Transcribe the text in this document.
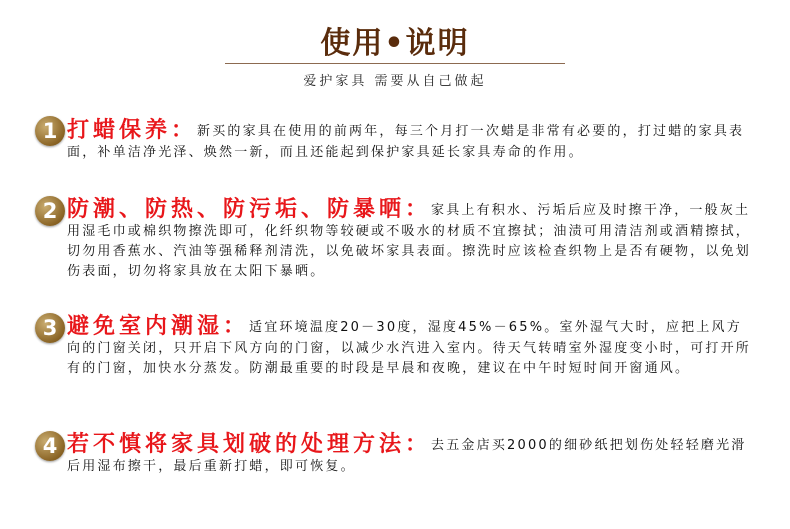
使用•说明
爱护家具 需要从自己做起
1 打蜡保养：新买的家具在使用的前两年，每三个月打一次蜡是非常有必要的，打过蜡的家具表面，补单洁净光泽、焕然一新，而且还能起到保护家具延长家具寿命的作用。
2 防潮、防热、防污垢、防暴晒：家具上有积水、污垢后应及时擦干净，一般灰土用湿毛巾或棉织物擦洗即可，化纤织物等较硬或不吸水的材质不宜擦拭；油渍可用清洁剂或酒精擦拭，切勿用香蕉水、汽油等强稀释剂清洗，以免破坏家具表面。擦洗时应该检查织物上是否有硬物，以免划伤表面，切勿将家具放在太阳下暴晒。
3 避免室内潮湿：适宜环境温度20－30度，湿度45%－65%。室外湿气大时，应把上风方向的门窗关闭，只开启下风方向的门窗，以减少水汽进入室内。待天气转晴室外湿度变小时，可打开所有的门窗，加快水分蒸发。防潮最重要的时段是早晨和夜晚，建议在中午时短时间开窗通风。
4 若不慎将家具划破的处理方法：去五金店买2000的细砂纸把划伤处轻轻磨光滑后用湿布擦干，最后重新打蜡，即可恢复。
